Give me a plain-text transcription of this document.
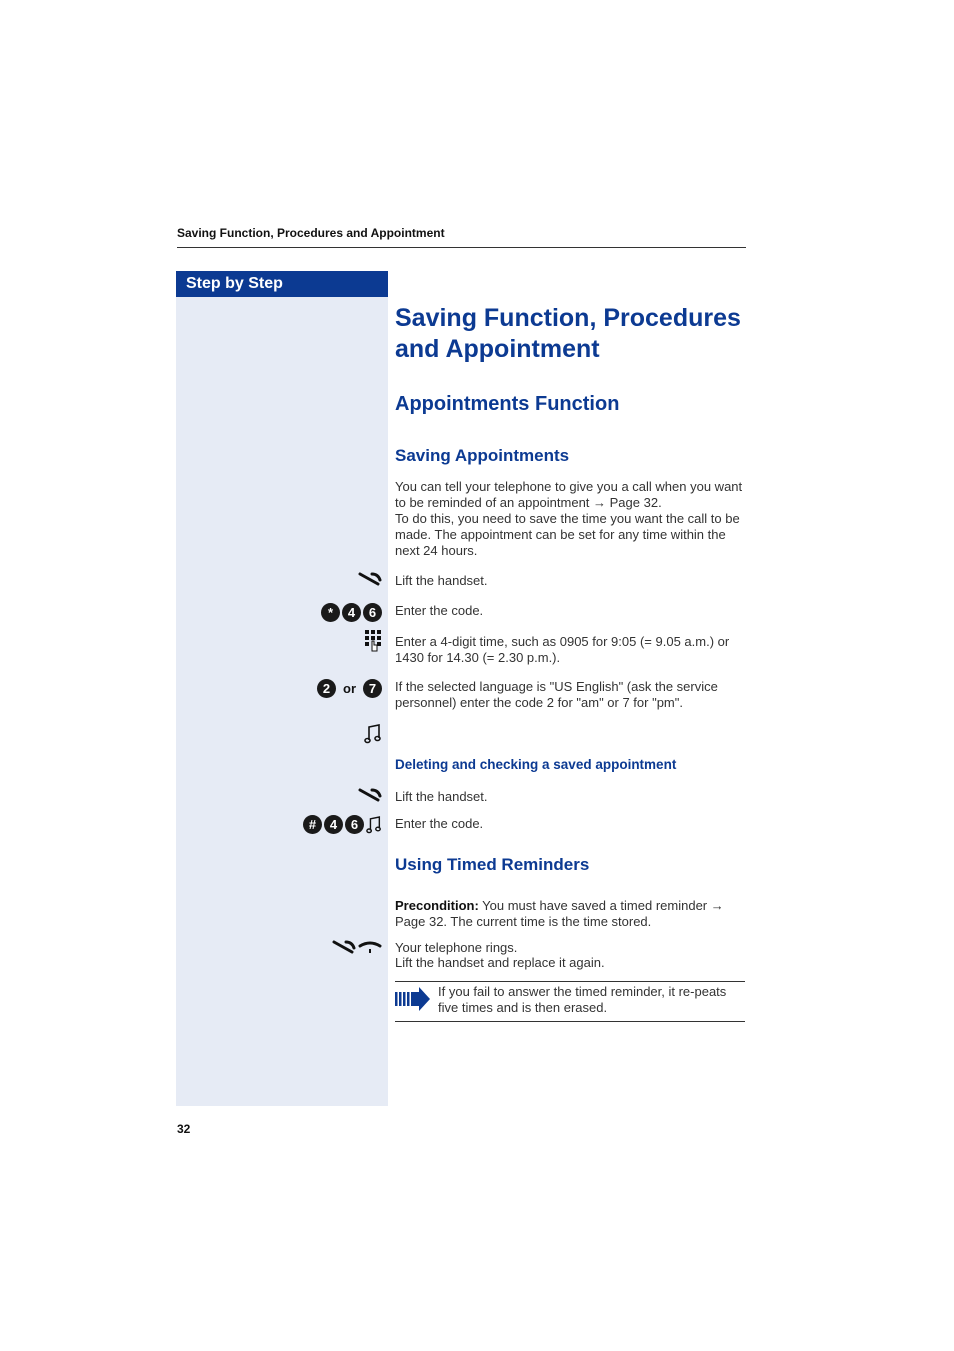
Saving Function, Procedures and Appointment
Step by Step
Saving Function, Procedures and Appointment
Appointments Function
Saving Appointments
You can tell your telephone to give you a call when you want to be reminded of an appointment → Page 32.
To do this, you need to save the time you want the call to be made. The appointment can be set for any time within the next 24 hours.
Lift the handset.
*	4	6	Enter the code.
Enter a 4-digit time, such as 0905 for 9:05 (= 9.05 a.m.) or 1430 for 14.30 (= 2.30 p.m.).
2 or 7	If the selected language is "US English" (ask the service personnel) enter the code 2 for "am" or 7 for "pm".
Deleting and checking a saved appointment
Lift the handset.
#	4	6	Enter the code.
Using Timed Reminders
Precondition: You must have saved a timed reminder → Page 32. The current time is the time stored.
Your telephone rings.
Lift the handset and replace it again.
If you fail to answer the timed reminder, it re-peats five times and is then erased.
32
